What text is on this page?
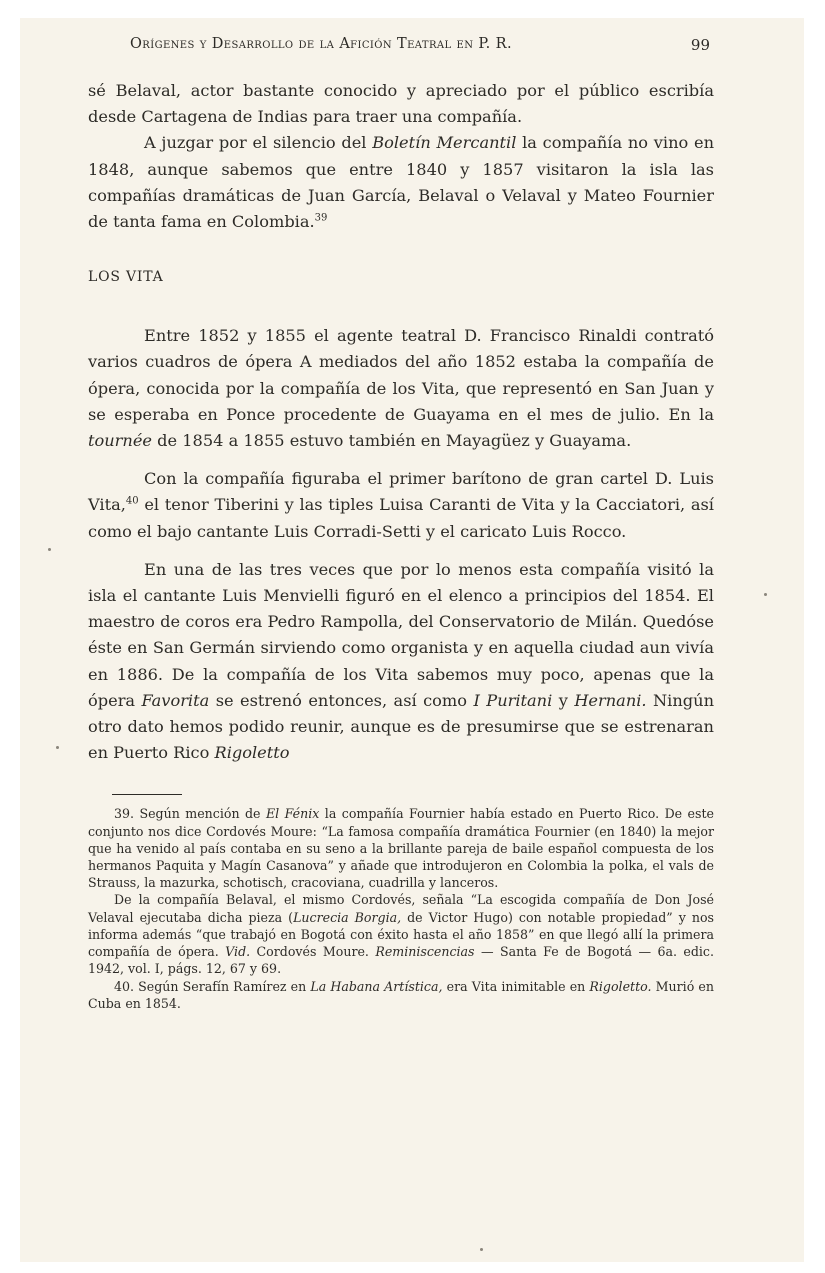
Orígenes y Desarrollo de la Afición Teatral en P. R.	99

sé Belaval, actor bastante conocido y apreciado por el público escribía desde Cartagena de Indias para traer una compañía.

A juzgar por el silencio del Boletín Mercantil la compañía no vino en 1848, aunque sabemos que entre 1840 y 1857 visitaron la isla las compañías dramáticas de Juan García, Belaval o Velaval y Mateo Fournier de tanta fama en Colombia.$^{39}$

LOS VITA

Entre 1852 y 1855 el agente teatral D. Francisco Rinaldi contrató varios cuadros de ópera A mediados del año 1852 estaba la compañía de ópera, conocida por la compañía de los Vita, que representó en San Juan y se esperaba en Ponce procedente de Guayama en el mes de julio. En la tournée de 1854 a 1855 estuvo también en Mayagüez y Guayama.

Con la compañía figuraba el primer barítono de gran cartel D. Luis Vita,$^{40}$ el tenor Tiberini y las tiples Luisa Caranti de Vita y la Cacciatori, así como el bajo cantante Luis Corradi-Setti y el caricato Luis Rocco.

En una de las tres veces que por lo menos esta compañía visitó la isla el cantante Luis Menvielli figuró en el elenco a principios del 1854. El maestro de coros era Pedro Rampolla, del Conservatorio de Milán. Quedóse éste en San Germán sirviendo como organista y en aquella ciudad aun vivía en 1886. De la compañía de los Vita sabemos muy poco, apenas que la ópera Favorita se estrenó entonces, así como I Puritani y Hernani. Ningún otro dato hemos podido reunir, aunque es de presumirse que se estrenaran en Puerto Rico Rigoletto

39. Según mención de El Fénix la compañía Fournier había estado en Puerto Rico. De este conjunto nos dice Cordovés Moure: “La famosa compañía dramática Fournier (en 1840) la mejor que ha venido al país contaba en su seno a la brillante pareja de baile español compuesta de los hermanos Paquita y Magín Casanova” y añade que introdujeron en Colombia la polka, el vals de Strauss, la mazurka, schotisch, cracoviana, cuadrilla y lanceros.

De la compañía Belaval, el mismo Cordovés, señala “La escogida compañía de Don José Velaval ejecutaba dicha pieza (Lucrecia Borgia, de Victor Hugo) con notable propiedad” y nos informa además “que trabajó en Bogotá con éxito hasta el año 1858” en que llegó allí la primera compañía de ópera. Vid. Cordovés Moure. Reminiscencias — Santa Fe de Bogotá — 6a. edic. 1942, vol. I, págs. 12, 67 y 69.

40. Según Serafín Ramírez en La Habana Artística, era Vita inimitable en Rigoletto. Murió en Cuba en 1854.
